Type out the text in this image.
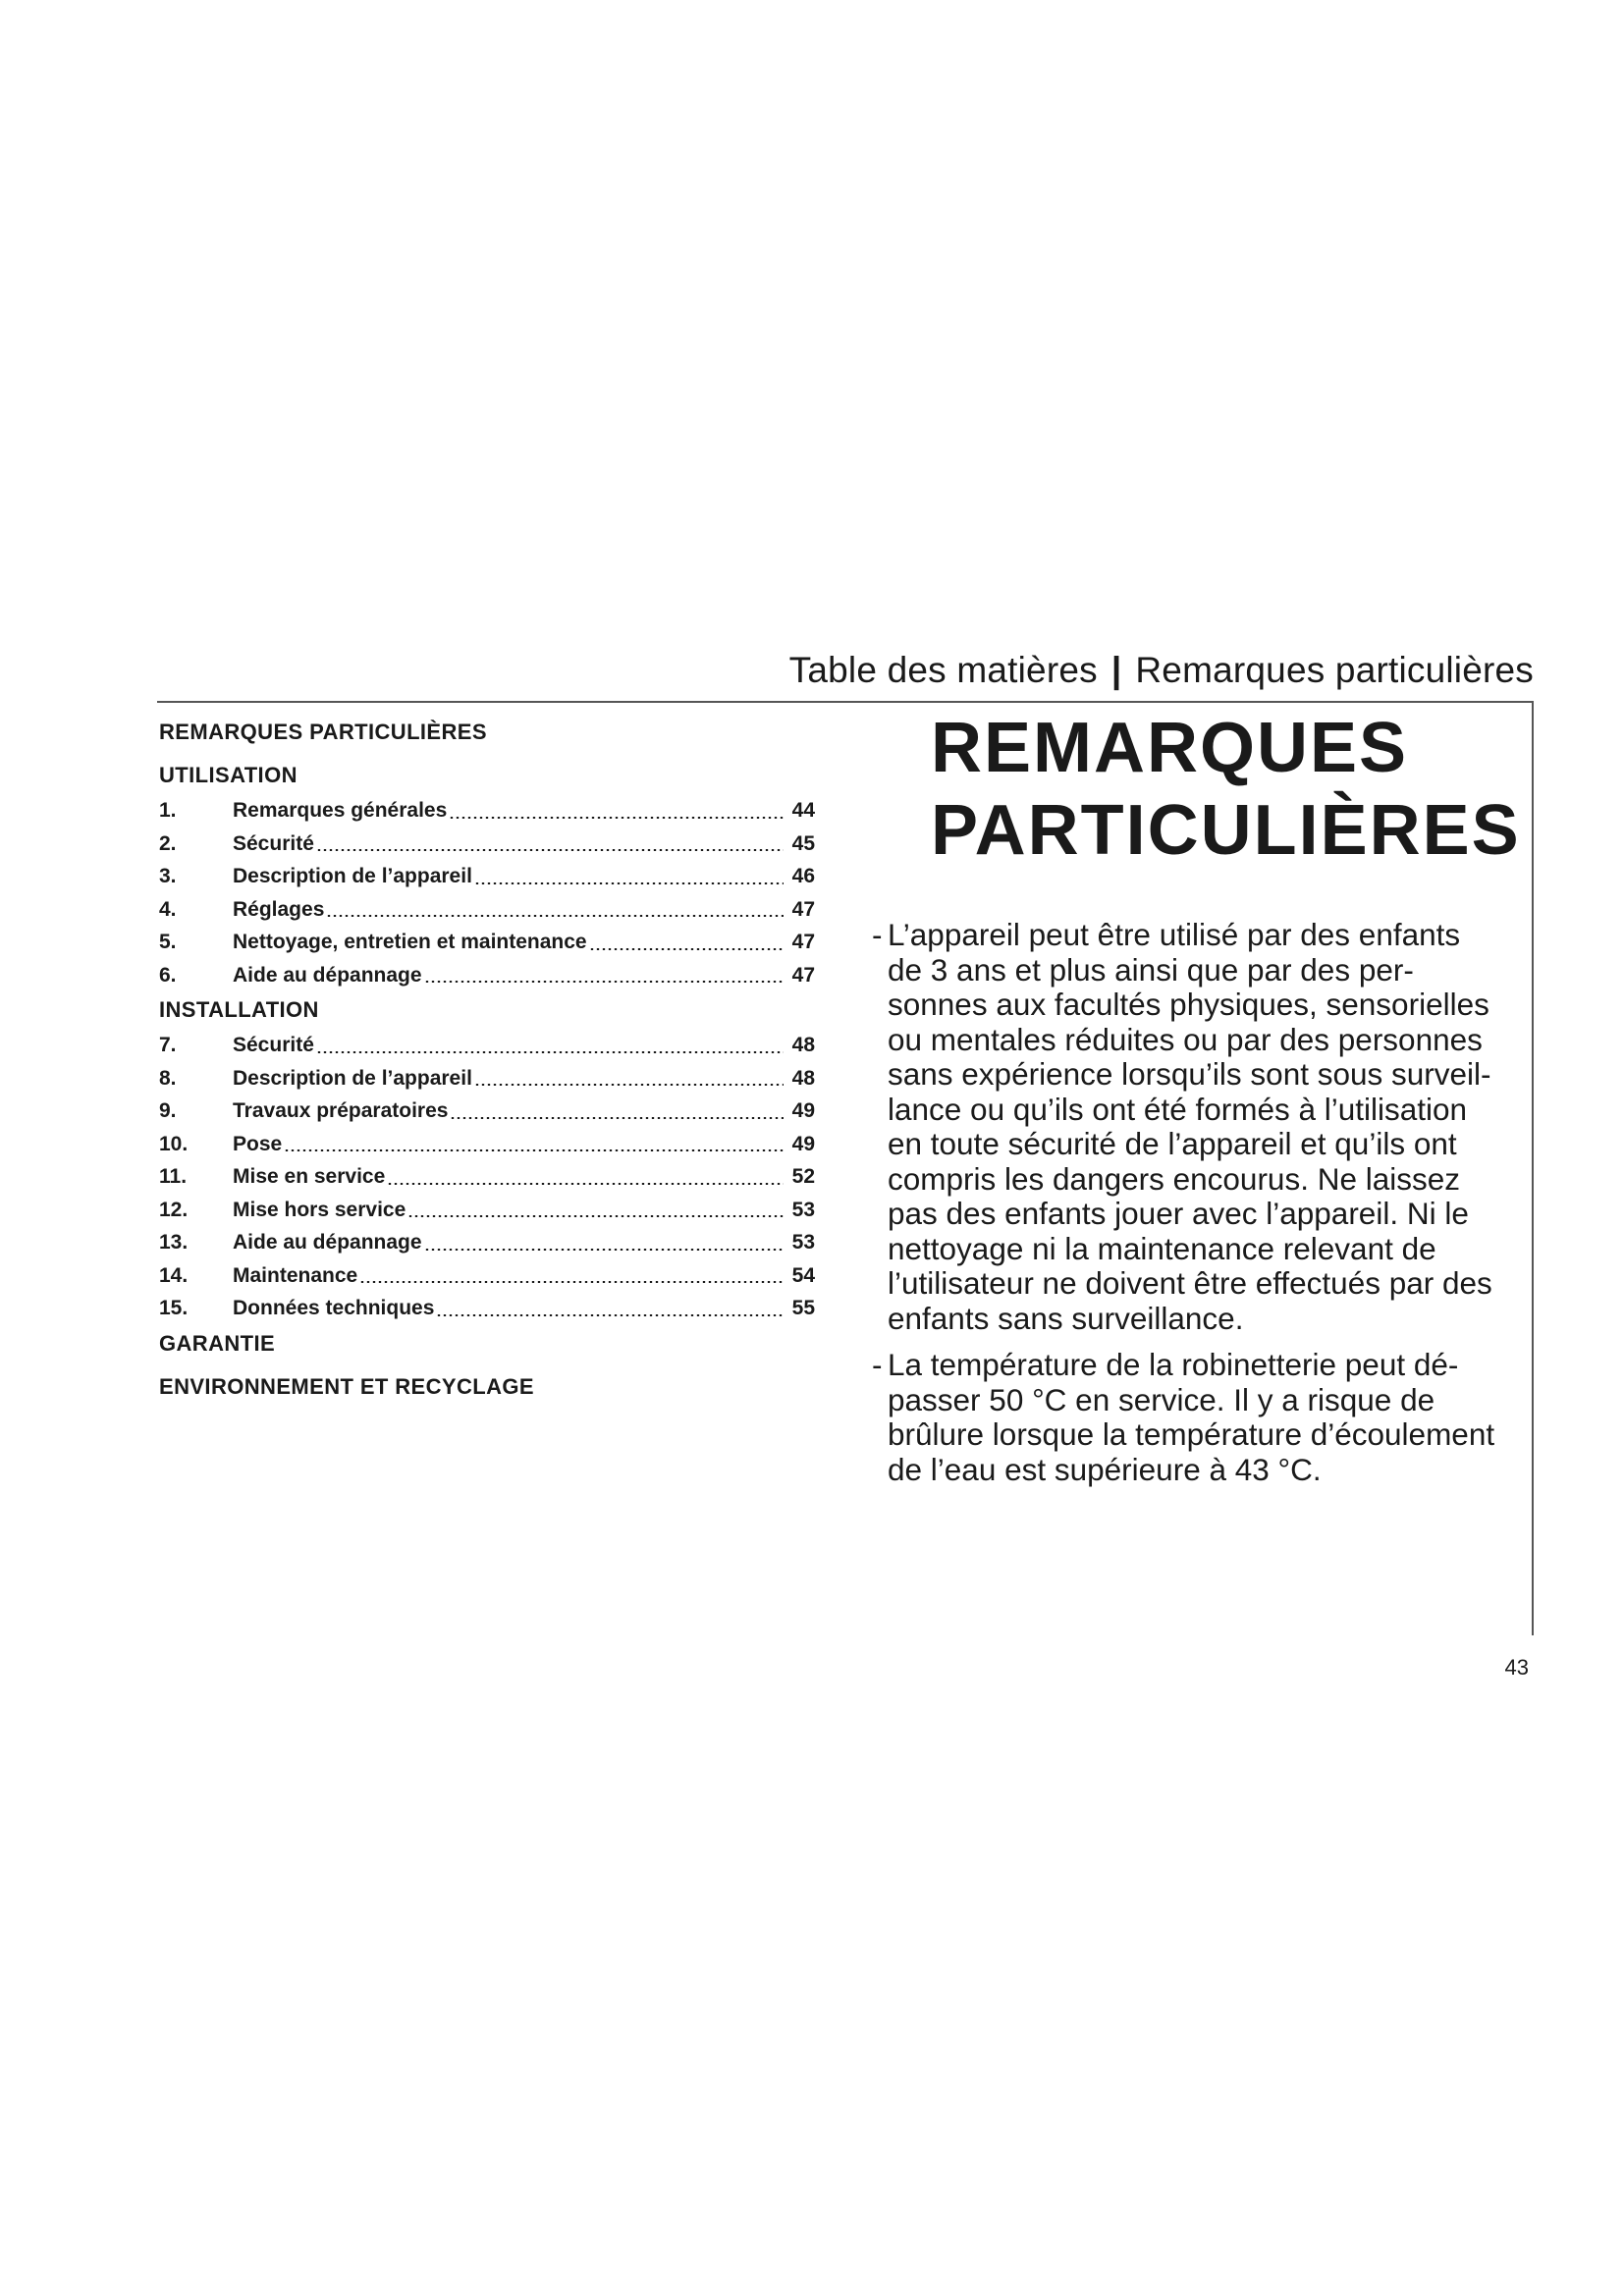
Table des matières | Remarques particulières
REMARQUES PARTICULIÈRES
UTILISATION
1.	Remarques générales	44
2.	Sécurité	45
3.	Description de l’appareil	46
4.	Réglages	47
5.	Nettoyage, entretien et maintenance	47
6.	Aide au dépannage	47
INSTALLATION
7.	Sécurité	48
8.	Description de l’appareil	48
9.	Travaux préparatoires	49
10.	Pose	49
11.	Mise en service	52
12.	Mise hors service	53
13.	Aide au dépannage	53
14.	Maintenance	54
15.	Données techniques	55
GARANTIE
ENVIRONNEMENT ET RECYCLAGE
REMARQUES
PARTICULIÈRES
- L’appareil peut être utilisé par des enfants
de 3 ans et plus ainsi que par des per-
sonnes aux facultés physiques, sensorielles
ou mentales réduites ou par des personnes
sans expérience lorsqu’ils sont sous surveil-
lance ou qu’ils ont été formés à l’utilisation
en toute sécurité de l’appareil et qu’ils ont
compris les dangers encourus. Ne laissez
pas des enfants jouer avec l’appareil. Ni le
nettoyage ni la maintenance relevant de
l’utilisateur ne doivent être effectués par des
enfants sans surveillance.
- La température de la robinetterie peut dé-
passer 50 °C en service. Il y a risque de
brûlure lorsque la température d’écoulement
de l’eau est supérieure à 43 °C.
43
